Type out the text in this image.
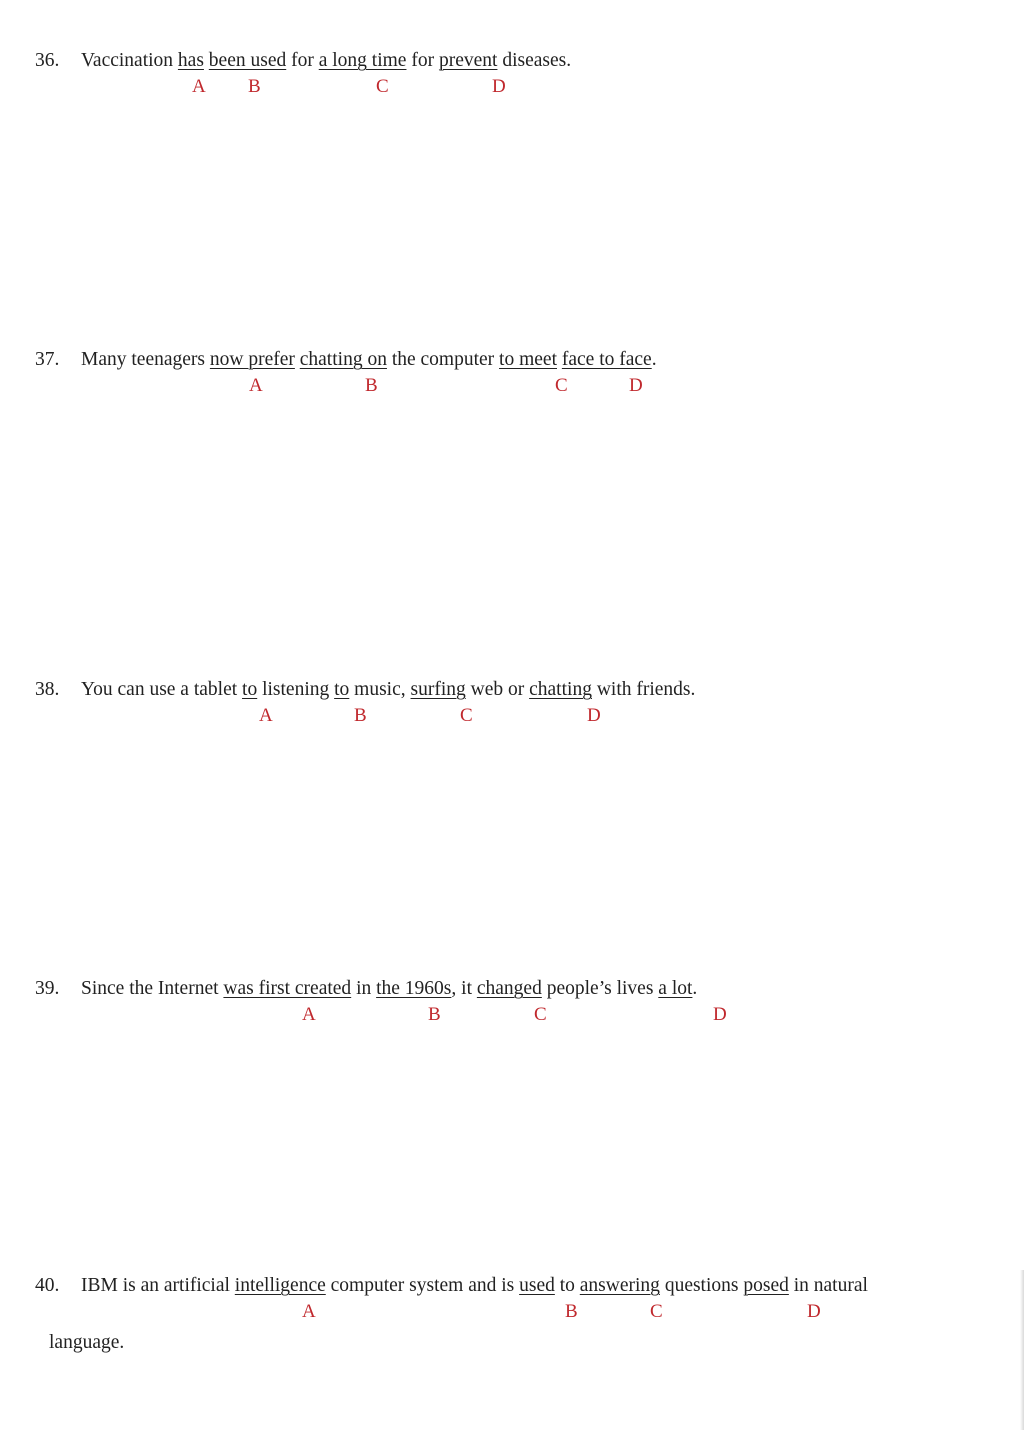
36. Vaccination has been used for a long time for prevent diseases.
A B	C	D
37. Many teenagers now prefer chatting on the computer to meet face to face.
A	B	C	D
38. You can use a tablet to listening to music, surfing web or chatting with friends.
A	B	C	D
39. Since the Internet was first created in the 1960s, it changed people’s lives a lot.
A	B	C	D
40. IBM is an artificial intelligence computer system and is used to answering questions posed in natural
A	B	C	D
language.
